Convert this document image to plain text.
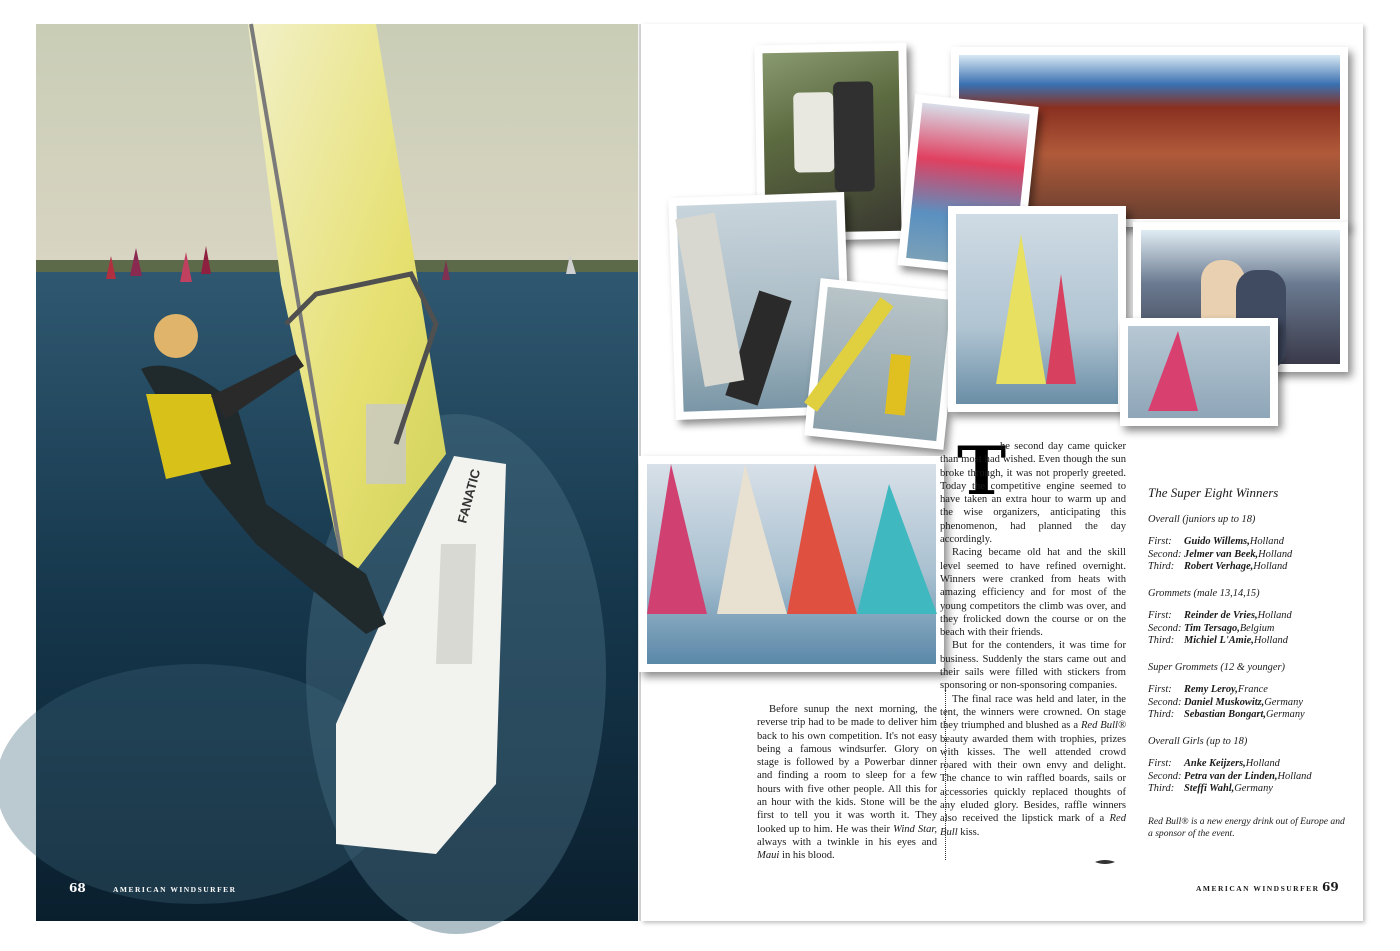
FANATIC
68	AMERICAN WINDSURFER
T

he second day came quicker than most had wished. Even though the sun broke through, it was not properly greeted. Today the competitive engine seemed to have taken an extra hour to warm up and the wise organizers, anticipating this phenomenon, had planned the day accordingly.

Racing became old hat and the skill level seemed to have refined overnight. Winners were cranked from heats with amazing efficiency and for most of the young competitors the climb was over, and they frolicked down the course or on the beach with their friends.

But for the contenders, it was time for business. Suddenly the stars came out and their sails were filled with stickers from sponsoring or non-sponsoring companies.

The final race was held and later, in the tent, the winners were crowned. On stage they triumphed and blushed as a Red Bull® beauty awarded them with trophies, prizes with kisses. The well attended crowd roared with their own envy and delight. The chance to win raffled boards, sails or accessories quickly replaced thoughts of any eluded glory. Besides, raffle winners also received the lipstick mark of a Red Bull kiss.

Before sunup the next morning, the reverse trip had to be made to deliver him back to his own competition. It's not easy being a famous windsurfer. Glory on stage is followed by a Powerbar dinner and finding a room to sleep for a few hours with five other people. All this for an hour with the kids. Stone will be the first to tell you it was worth it. They looked up to him. He was their Wind Star, always with a twinkle in his eyes and Maui in his blood.

The Super Eight Winners
Overall (juniors up to 18)
First:	Guido Willems, Holland
Second: Jelmer van Beek, Holland
Third: Robert Verhage, Holland
Grommets (male 13,14,15)
First:	Reinder de Vries, Holland
Second: Tim Tersago, Belgium
Third: Michiel L'Amie, Holland
Super Grommets (12 & younger)
First:	Remy Leroy, France
Second: Daniel Muskowitz, Germany
Third: Sebastian Bongart, Germany
Overall Girls (up to 18)
First:	Anke Keijzers, Holland
Second: Petra van der Linden, Holland
Third: Steffi Wahl, Germany
Red Bull® is a new energy drink out of Europe and a sponsor of the event.
AMERICAN WINDSURFER 69
